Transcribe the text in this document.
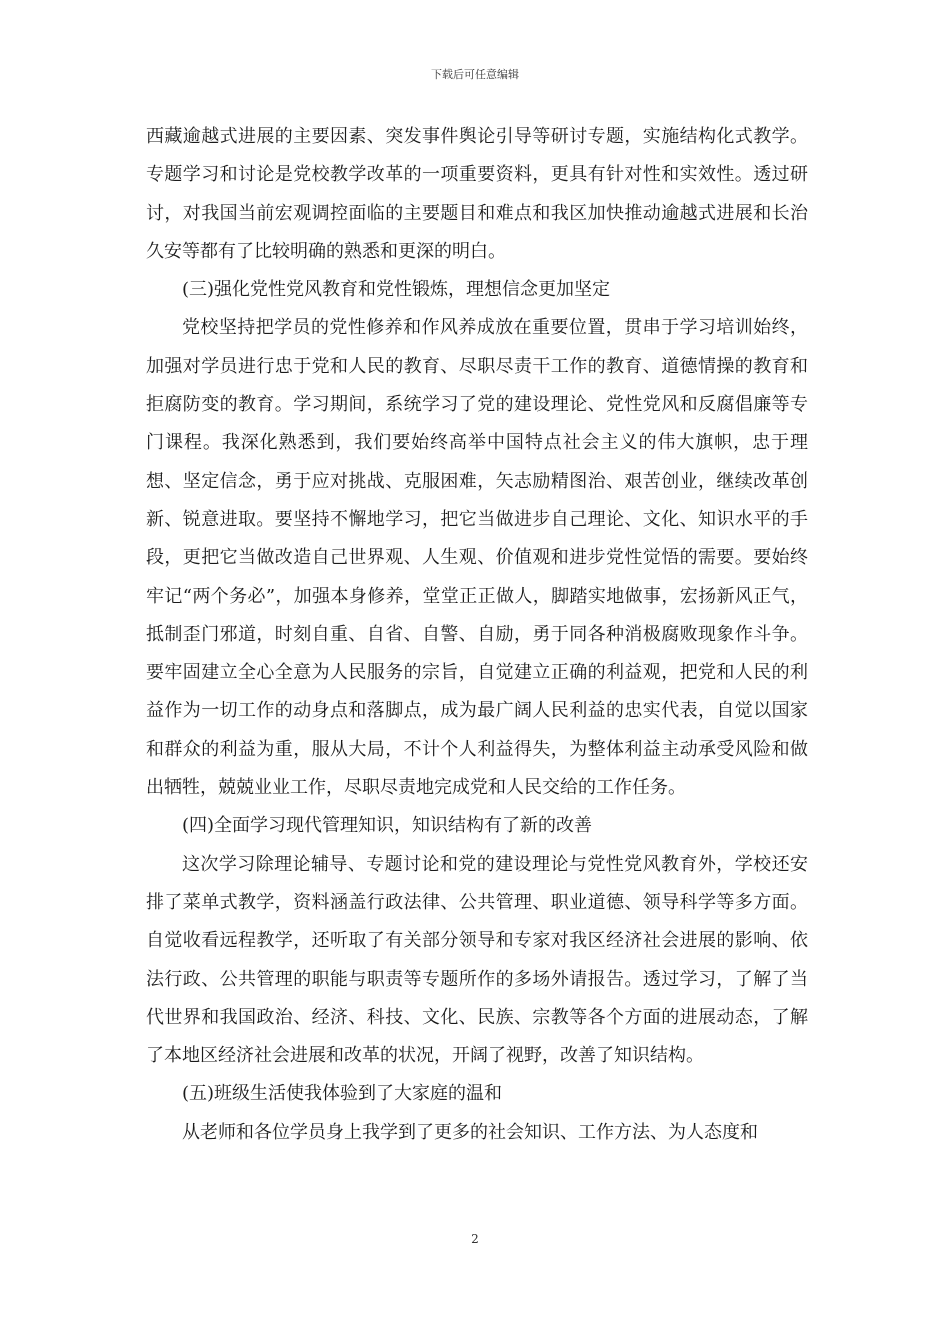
下载后可任意编辑

西藏逾越式进展的主要因素、突发事件舆论引导等研讨专题，实施结构化式教学。专题学习和讨论是党校教学改革的一项重要资料，更具有针对性和实效性。透过研讨，对我国当前宏观调控面临的主要题目和难点和我区加快推动逾越式进展和长治久安等都有了比较明确的熟悉和更深的明白。

(三)强化党性党风教育和党性锻炼，理想信念更加坚定

党校坚持把学员的党性修养和作风养成放在重要位置，贯串于学习培训始终，加强对学员进行忠于党和人民的教育、尽职尽责干工作的教育、道德情操的教育和拒腐防变的教育。学习期间，系统学习了党的建设理论、党性党风和反腐倡廉等专门课程。我深化熟悉到，我们要始终高举中国特点社会主义的伟大旗帜，忠于理想、坚定信念，勇于应对挑战、克服困难，矢志励精图治、艰苦创业，继续改革创新、锐意进取。要坚持不懈地学习，把它当做进步自己理论、文化、知识水平的手段，更把它当做改造自己世界观、人生观、价值观和进步党性觉悟的需要。要始终牢记“两个务必”，加强本身修养，堂堂正正做人，脚踏实地做事，宏扬新风正气，抵制歪门邪道，时刻自重、自省、自警、自励，勇于同各种消极腐败现象作斗争。要牢固建立全心全意为人民服务的宗旨，自觉建立正确的利益观，把党和人民的利益作为一切工作的动身点和落脚点，成为最广阔人民利益的忠实代表，自觉以国家和群众的利益为重，服从大局，不计个人利益得失，为整体利益主动承受风险和做出牺牲，兢兢业业工作，尽职尽责地完成党和人民交给的工作任务。

(四)全面学习现代管理知识，知识结构有了新的改善

这次学习除理论辅导、专题讨论和党的建设理论与党性党风教育外，学校还安排了菜单式教学，资料涵盖行政法律、公共管理、职业道德、领导科学等多方面。自觉收看远程教学，还听取了有关部分领导和专家对我区经济社会进展的影响、依法行政、公共管理的职能与职责等专题所作的多场外请报告。透过学习，了解了当代世界和我国政治、经济、科技、文化、民族、宗教等各个方面的进展动态，了解了本地区经济社会进展和改革的状况，开阔了视野，改善了知识结构。

(五)班级生活使我体验到了大家庭的温和

从老师和各位学员身上我学到了更多的社会知识、工作方法、为人态度和

2
